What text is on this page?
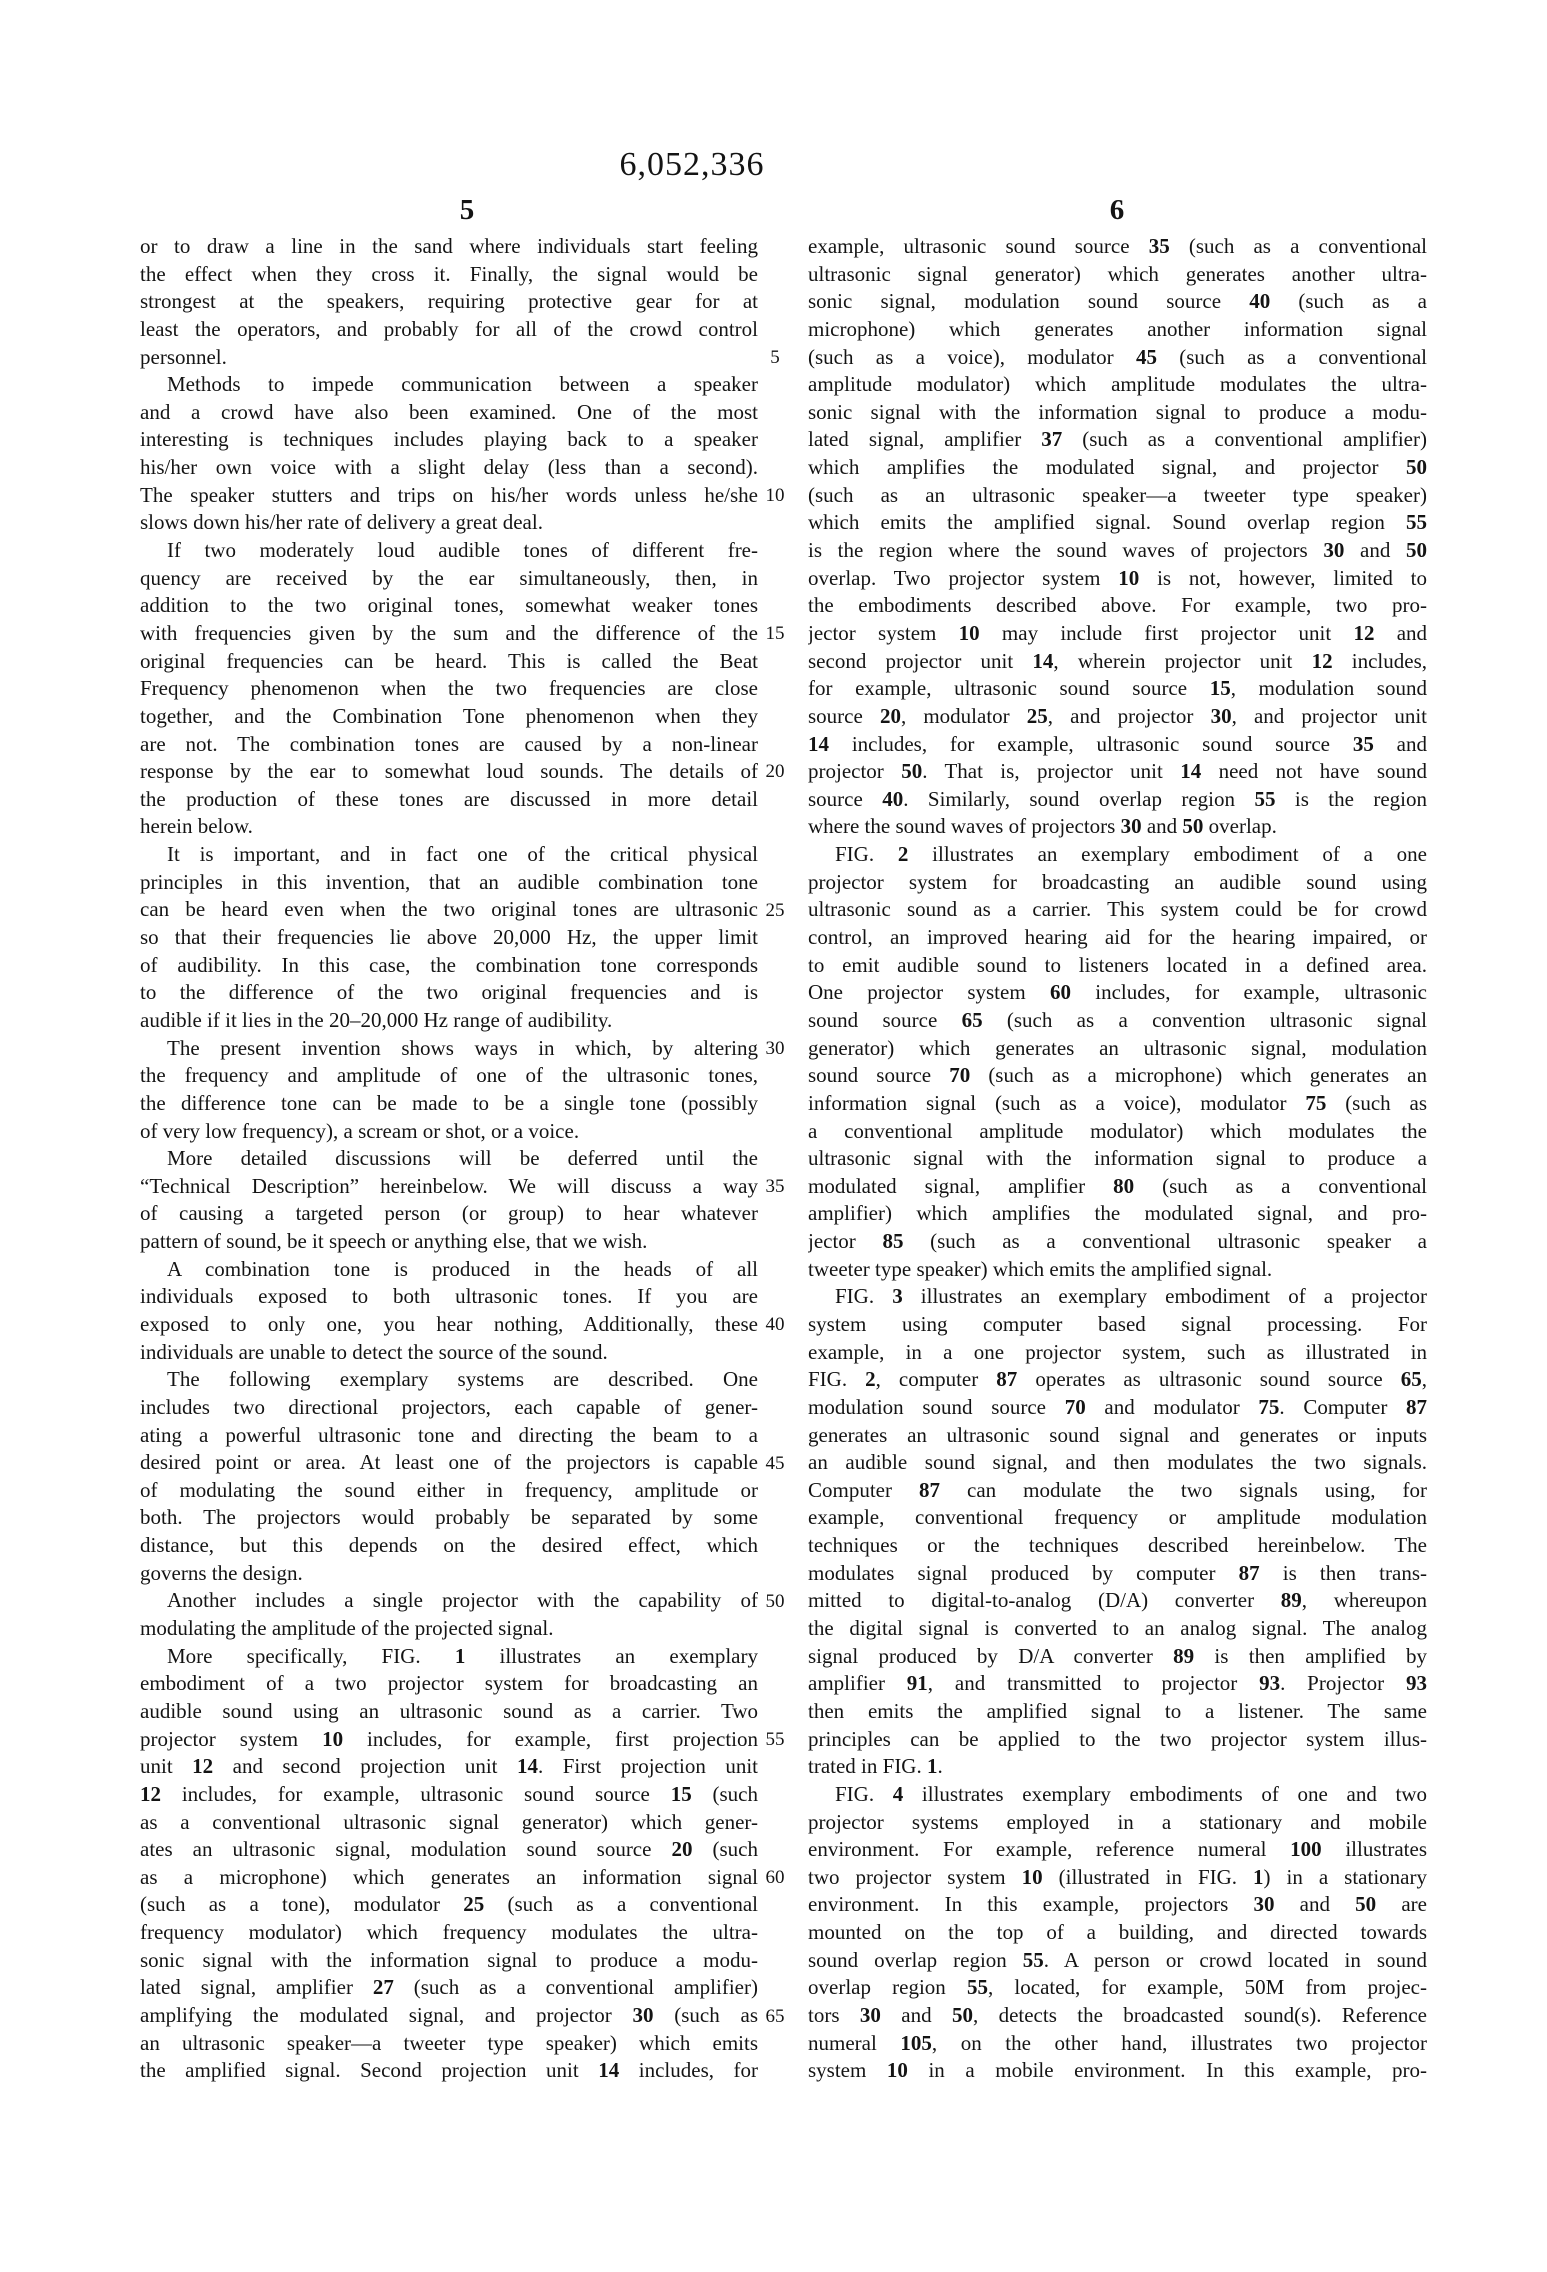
6,052,336
5	6
or to draw a line in the sand where individuals start feeling
the effect when they cross it. Finally, the signal would be
strongest at the speakers, requiring protective gear for at
least the operators, and probably for all of the crowd control
personnel.
Methods to impede communication between a speaker
and a crowd have also been examined. One of the most
interesting is techniques includes playing back to a speaker
his/her own voice with a slight delay (less than a second).
The speaker stutters and trips on his/her words unless he/she
slows down his/her rate of delivery a great deal.
If two moderately loud audible tones of different fre-
quency are received by the ear simultaneously, then, in
addition to the two original tones, somewhat weaker tones
with frequencies given by the sum and the difference of the
original frequencies can be heard. This is called the Beat
Frequency phenomenon when the two frequencies are close
together, and the Combination Tone phenomenon when they
are not. The combination tones are caused by a non-linear
response by the ear to somewhat loud sounds. The details of
the production of these tones are discussed in more detail
herein below.
It is important, and in fact one of the critical physical
principles in this invention, that an audible combination tone
can be heard even when the two original tones are ultrasonic
so that their frequencies lie above 20,000 Hz, the upper limit
of audibility. In this case, the combination tone corresponds
to the difference of the two original frequencies and is
audible if it lies in the 20–20,000 Hz range of audibility.
The present invention shows ways in which, by altering
the frequency and amplitude of one of the ultrasonic tones,
the difference tone can be made to be a single tone (possibly
of very low frequency), a scream or shot, or a voice.
More detailed discussions will be deferred until the
“Technical Description” hereinbelow. We will discuss a way
of causing a targeted person (or group) to hear whatever
pattern of sound, be it speech or anything else, that we wish.
A combination tone is produced in the heads of all
individuals exposed to both ultrasonic tones. If you are
exposed to only one, you hear nothing, Additionally, these
individuals are unable to detect the source of the sound.
The following exemplary systems are described. One
includes two directional projectors, each capable of gener-
ating a powerful ultrasonic tone and directing the beam to a
desired point or area. At least one of the projectors is capable
of modulating the sound either in frequency, amplitude or
both. The projectors would probably be separated by some
distance, but this depends on the desired effect, which
governs the design.
Another includes a single projector with the capability of
modulating the amplitude of the projected signal.
More specifically, FIG. 1 illustrates an exemplary
embodiment of a two projector system for broadcasting an
audible sound using an ultrasonic sound as a carrier. Two
projector system 10 includes, for example, first projection
unit 12 and second projection unit 14. First projection unit
12 includes, for example, ultrasonic sound source 15 (such
as a conventional ultrasonic signal generator) which gener-
ates an ultrasonic signal, modulation sound source 20 (such
as a microphone) which generates an information signal
(such as a tone), modulator 25 (such as a conventional
frequency modulator) which frequency modulates the ultra-
sonic signal with the information signal to produce a modu-
lated signal, amplifier 27 (such as a conventional amplifier)
amplifying the modulated signal, and projector 30 (such as
an ultrasonic speaker—a tweeter type speaker) which emits
the amplified signal. Second projection unit 14 includes, for
example, ultrasonic sound source 35 (such as a conventional
ultrasonic signal generator) which generates another ultra-
sonic signal, modulation sound source 40 (such as a
microphone) which generates another information signal
(such as a voice), modulator 45 (such as a conventional
amplitude modulator) which amplitude modulates the ultra-
sonic signal with the information signal to produce a modu-
lated signal, amplifier 37 (such as a conventional amplifier)
which amplifies the modulated signal, and projector 50
(such as an ultrasonic speaker—a tweeter type speaker)
which emits the amplified signal. Sound overlap region 55
is the region where the sound waves of projectors 30 and 50
overlap. Two projector system 10 is not, however, limited to
the embodiments described above. For example, two pro-
jector system 10 may include first projector unit 12 and
second projector unit 14, wherein projector unit 12 includes,
for example, ultrasonic sound source 15, modulation sound
source 20, modulator 25, and projector 30, and projector unit
14 includes, for example, ultrasonic sound source 35 and
projector 50. That is, projector unit 14 need not have sound
source 40. Similarly, sound overlap region 55 is the region
where the sound waves of projectors 30 and 50 overlap.
FIG. 2 illustrates an exemplary embodiment of a one
projector system for broadcasting an audible sound using
ultrasonic sound as a carrier. This system could be for crowd
control, an improved hearing aid for the hearing impaired, or
to emit audible sound to listeners located in a defined area.
One projector system 60 includes, for example, ultrasonic
sound source 65 (such as a convention ultrasonic signal
generator) which generates an ultrasonic signal, modulation
sound source 70 (such as a microphone) which generates an
information signal (such as a voice), modulator 75 (such as
a conventional amplitude modulator) which modulates the
ultrasonic signal with the information signal to produce a
modulated signal, amplifier 80 (such as a conventional
amplifier) which amplifies the modulated signal, and pro-
jector 85 (such as a conventional ultrasonic speaker a
tweeter type speaker) which emits the amplified signal.
FIG. 3 illustrates an exemplary embodiment of a projector
system using computer based signal processing. For
example, in a one projector system, such as illustrated in
FIG. 2, computer 87 operates as ultrasonic sound source 65,
modulation sound source 70 and modulator 75. Computer 87
generates an ultrasonic sound signal and generates or inputs
an audible sound signal, and then modulates the two signals.
Computer 87 can modulate the two signals using, for
example, conventional frequency or amplitude modulation
techniques or the techniques described hereinbelow. The
modulates signal produced by computer 87 is then trans-
mitted to digital-to-analog (D/A) converter 89, whereupon
the digital signal is converted to an analog signal. The analog
signal produced by D/A converter 89 is then amplified by
amplifier 91, and transmitted to projector 93. Projector 93
then emits the amplified signal to a listener. The same
principles can be applied to the two projector system illus-
trated in FIG. 1.
FIG. 4 illustrates exemplary embodiments of one and two
projector systems employed in a stationary and mobile
environment. For example, reference numeral 100 illustrates
two projector system 10 (illustrated in FIG. 1) in a stationary
environment. In this example, projectors 30 and 50 are
mounted on the top of a building, and directed towards
sound overlap region 55. A person or crowd located in sound
overlap region 55, located, for example, 50M from projec-
tors 30 and 50, detects the broadcasted sound(s). Reference
numeral 105, on the other hand, illustrates two projector
system 10 in a mobile environment. In this example, pro-
5
10
15
20
25
30
35
40
45
50
55
60
65
